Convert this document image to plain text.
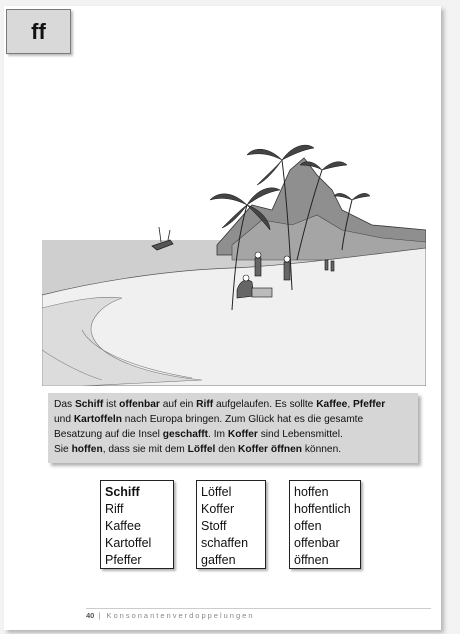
ff

Das Schiff ist offenbar auf ein Riff aufgelaufen. Es sollte Kaffee, Pfeffer

und Kartoffeln nach Europa bringen. Zum Glück hat es die gesamte

Besatzung auf die Insel geschafft. Im Koffer sind Lebensmittel.

Sie hoffen, dass sie mit dem Löffel den Koffer öffnen können.

Schiff
Riff
Kaffee
Kartoffel
Pfeffer
Löffel
Koffer
Stoff
schaffen
gaffen
hoffen
hoffentlich
offen
offenbar
öffnen
40 | Konsonantenverdoppelungen
